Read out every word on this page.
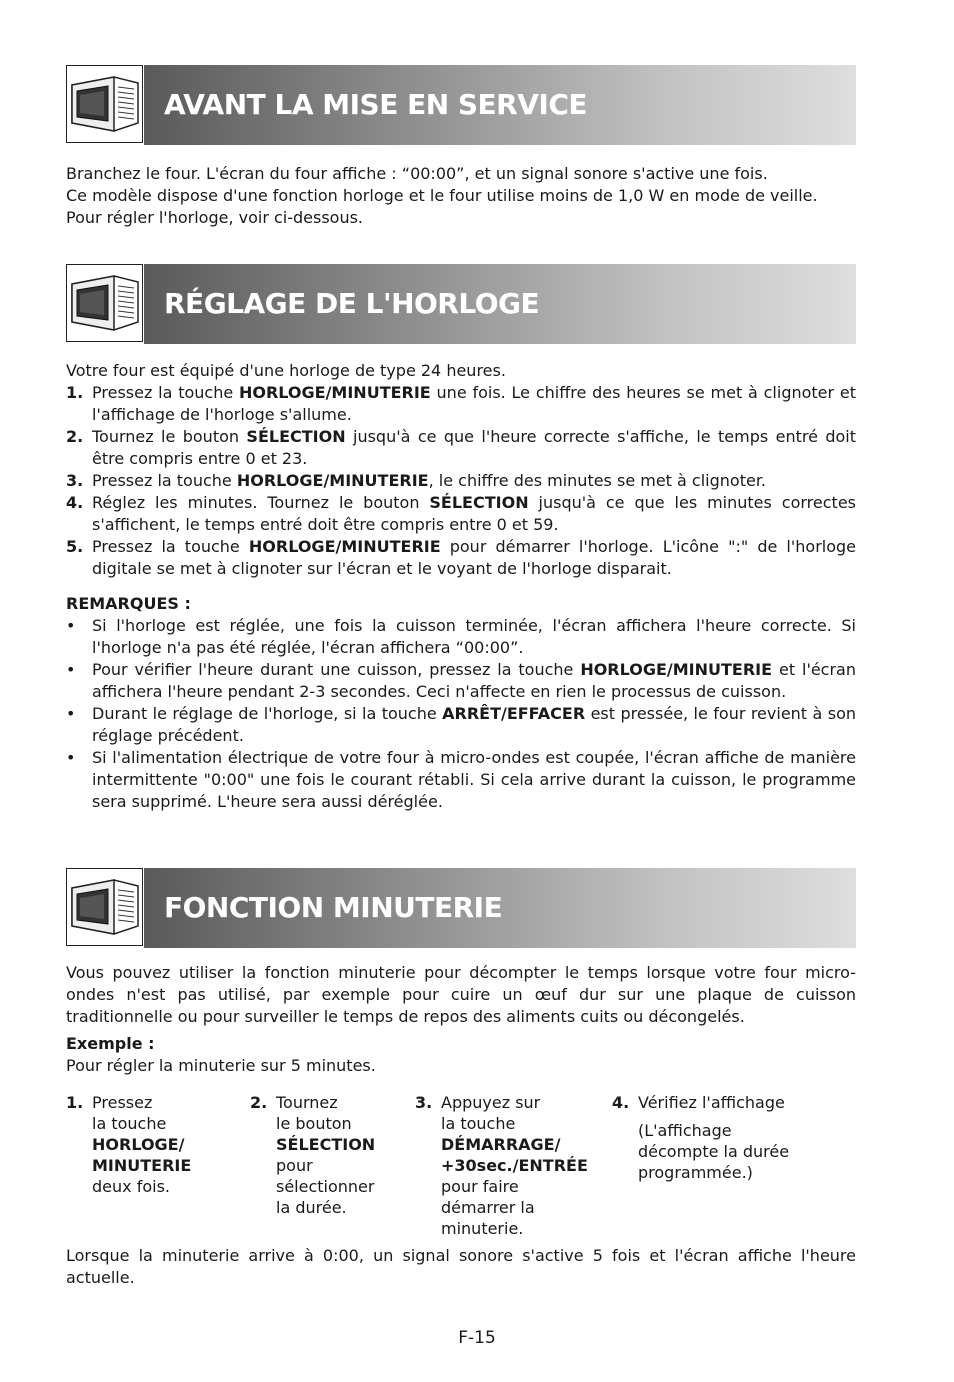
AVANT LA MISE EN SERVICE

Branchez le four. L'écran du four affiche : “00:00”, et un signal sonore s'active une fois.

Ce modèle dispose d'une fonction horloge et le four utilise moins de 1,0 W en mode de veille.

Pour régler l'horloge, voir ci-dessous.

RÉGLAGE DE L'HORLOGE

Votre four est équipé d'une horloge de type 24 heures.

1. Pressez la touche HORLOGE/MINUTERIE une fois. Le chiffre des heures se met à clignoter et l'affichage de l'horloge s'allume.
2. Tournez le bouton SÉLECTION jusqu'à ce que l'heure correcte s'affiche, le temps entré doit être compris entre 0 et 23.
3. Pressez la touche HORLOGE/MINUTERIE, le chiffre des minutes se met à clignoter.
4. Réglez les minutes. Tournez le bouton SÉLECTION jusqu'à ce que les minutes correctes s'affichent, le temps entré doit être compris entre 0 et 59.
5. Pressez la touche HORLOGE/MINUTERIE pour démarrer l'horloge. L'icône ":" de l'horloge digitale se met à clignoter sur l'écran et le voyant de l'horloge disparait.

REMARQUES :

• Si l'horloge est réglée, une fois la cuisson terminée, l'écran affichera l'heure correcte. Si l'horloge n'a pas été réglée, l'écran affichera “00:00”.
• Pour vérifier l'heure durant une cuisson, pressez la touche HORLOGE/MINUTERIE et l'écran affichera l'heure pendant 2-3 secondes. Ceci n'affecte en rien le processus de cuisson.
• Durant le réglage de l'horloge, si la touche ARRÊT/EFFACER est pressée, le four revient à son réglage précédent.
• Si l'alimentation électrique de votre four à micro-ondes est coupée, l'écran affiche de manière intermittente "0:00" une fois le courant rétabli. Si cela arrive durant la cuisson, le programme sera supprimé. L'heure sera aussi déréglée.
FONCTION MINUTERIE

Vous pouvez utiliser la fonction minuterie pour décompter le temps lorsque votre four micro-ondes n'est pas utilisé, par exemple pour cuire un œuf dur sur une plaque de cuisson traditionnelle ou pour surveiller le temps de repos des aliments cuits ou décongelés.

Exemple :

Pour régler la minuterie sur 5 minutes.

1. Pressez
la touche
HORLOGE/
MINUTERIE
deux fois.
2. Tournez
le bouton
SÉLECTION
pour
sélectionner
la durée.
3. Appuyez sur
la touche
DÉMARRAGE/
+30sec./ENTRÉE
pour faire
démarrer la
minuterie.
4. Vérifiez l'affichage
(L'affichage
décompte la durée
programmée.)

Lorsque la minuterie arrive à 0:00, un signal sonore s'active 5 fois et l'écran affiche l'heure actuelle.

F-15
